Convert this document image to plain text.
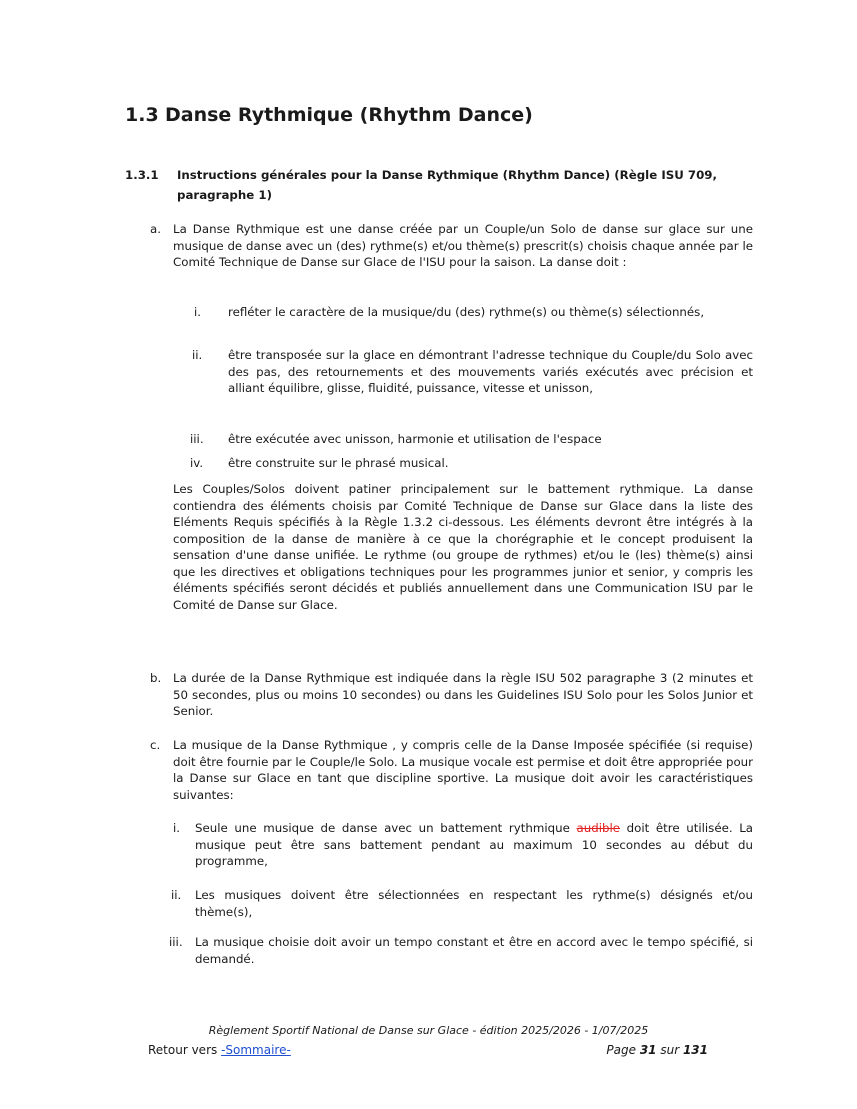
1.3 Danse Rythmique (Rhythm Dance)
1.3.1 Instructions générales pour la Danse Rythmique (Rhythm Dance) (Règle ISU 709, paragraphe 1)
a. La Danse Rythmique est une danse créée par un Couple/un Solo de danse sur glace sur une musique de danse avec un (des) rythme(s) et/ou thème(s) prescrit(s) choisis chaque année par le Comité Technique de Danse sur Glace de l'ISU pour la saison. La danse doit :
i. refléter le caractère de la musique/du (des) rythme(s) ou thème(s) sélectionnés,
ii. être transposée sur la glace en démontrant l'adresse technique du Couple/du Solo avec des pas, des retournements et des mouvements variés exécutés avec précision et alliant équilibre, glisse, fluidité, puissance, vitesse et unisson,
iii. être exécutée avec unisson, harmonie et utilisation de l'espace
iv. être construite sur le phrasé musical.
Les Couples/Solos doivent patiner principalement sur le battement rythmique. La danse contiendra des éléments choisis par Comité Technique de Danse sur Glace dans la liste des Eléments Requis spécifiés à la Règle 1.3.2 ci-dessous. Les éléments devront être intégrés à la composition de la danse de manière à ce que la chorégraphie et le concept produisent la sensation d'une danse unifiée. Le rythme (ou groupe de rythmes) et/ou le (les) thème(s) ainsi que les directives et obligations techniques pour les programmes junior et senior, y compris les éléments spécifiés seront décidés et publiés annuellement dans une Communication ISU par le Comité de Danse sur Glace.
b. La durée de la Danse Rythmique est indiquée dans la règle ISU 502 paragraphe 3 (2 minutes et 50 secondes, plus ou moins 10 secondes) ou dans les Guidelines ISU Solo pour les Solos Junior et Senior.
c. La musique de la Danse Rythmique , y compris celle de la Danse Imposée spécifiée (si requise) doit être fournie par le Couple/le Solo. La musique vocale est permise et doit être appropriée pour la Danse sur Glace en tant que discipline sportive. La musique doit avoir les caractéristiques suivantes:
i. Seule une musique de danse avec un battement rythmique audible doit être utilisée. La musique peut être sans battement pendant au maximum 10 secondes au début du programme,
ii. Les musiques doivent être sélectionnées en respectant les rythme(s) désignés et/ou thème(s),
iii. La musique choisie doit avoir un tempo constant et être en accord avec le tempo spécifié, si demandé.
Règlement Sportif National de Danse sur Glace - édition 2025/2026 - 1/07/2025
Retour vers -Sommaire-	Page 31 sur 131
